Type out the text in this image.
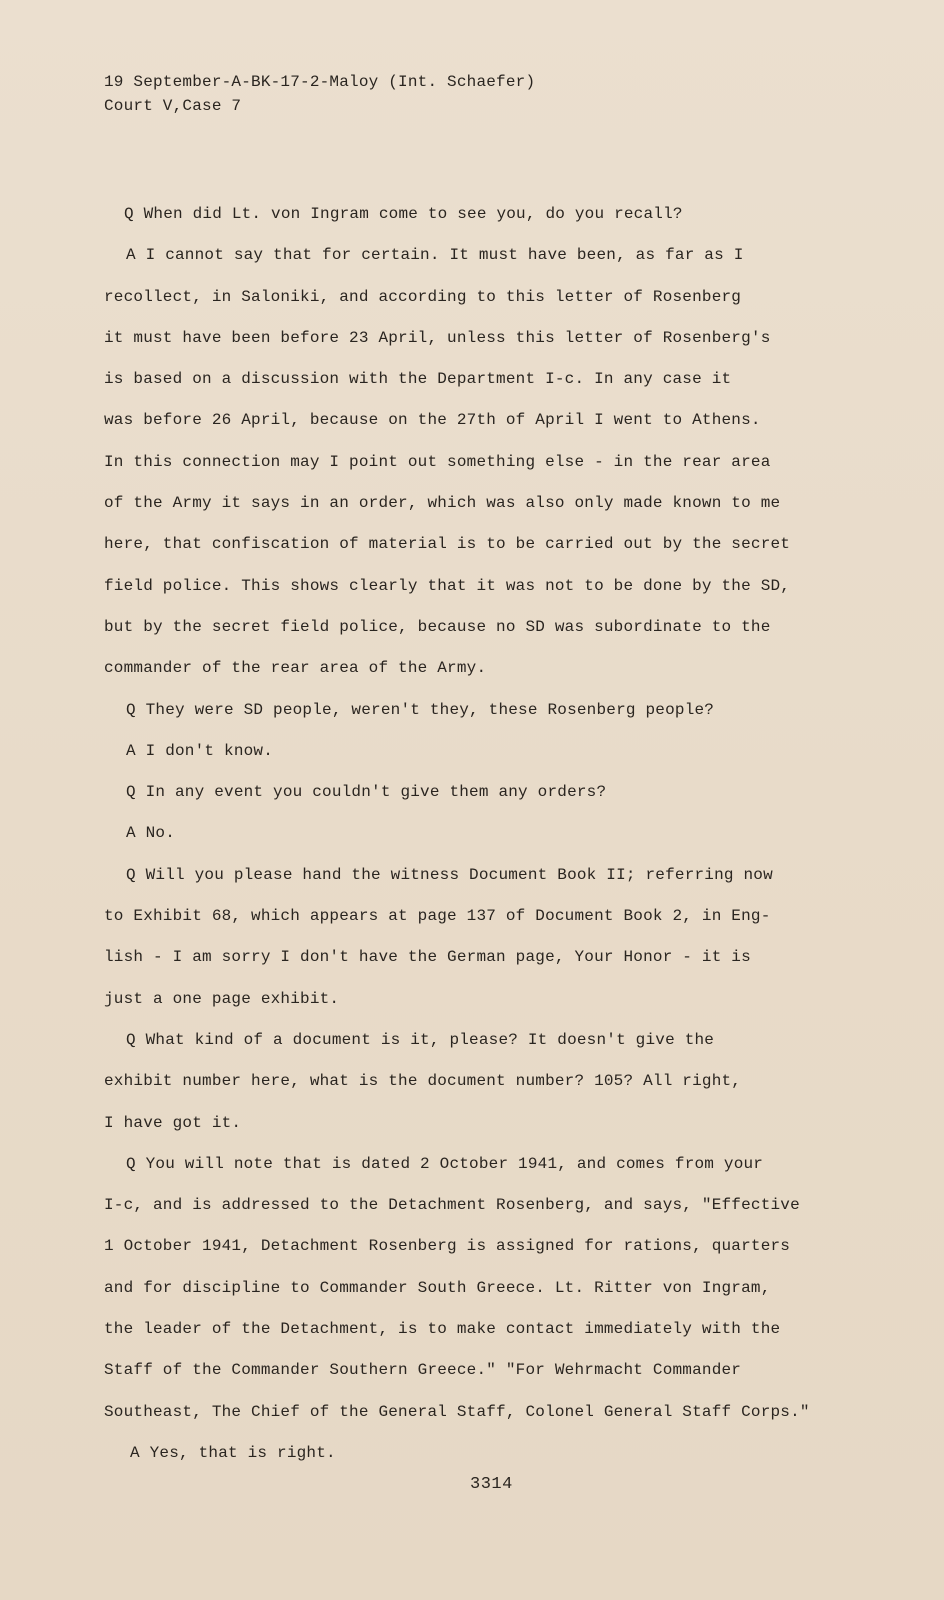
19 September-A-BK-17-2-Maloy (Int. Schaefer)
Court V,Case 7
Q When did Lt. von Ingram come to see you, do you recall?
A I cannot say that for certain. It must have been, as far as I
recollect, in Saloniki, and according to this letter of Rosenberg
it must have been before 23 April, unless this letter of Rosenberg's
is based on a discussion with the Department I-c. In any case it
was before 26 April, because on the 27th of April I went to Athens.
In this connection may I point out something else - in the rear area
of the Army it says in an order, which was also only made known to me
here, that confiscation of material is to be carried out by the secret
field police. This shows clearly that it was not to be done by the SD,
but by the secret field police, because no SD was subordinate to the
commander of the rear area of the Army.
Q They were SD people, weren't they, these Rosenberg people?
A I don't know.
Q In any event you couldn't give them any orders?
A No.
Q Will you please hand the witness Document Book II; referring now
to Exhibit 68, which appears at page 137 of Document Book 2, in Eng-
lish - I am sorry I don't have the German page, Your Honor - it is
just a one page exhibit.
Q What kind of a document is it, please? It doesn't give the
exhibit number here, what is the document number? 105? All right,
I have got it.
Q You will note that is dated 2 October 1941, and comes from your
I-c, and is addressed to the Detachment Rosenberg, and says, "Effective
1 October 1941, Detachment Rosenberg is assigned for rations, quarters
and for discipline to Commander South Greece. Lt. Ritter von Ingram,
the leader of the Detachment, is to make contact immediately with the
Staff of the Commander Southern Greece." "For Wehrmacht Commander
Southeast, The Chief of the General Staff, Colonel General Staff Corps."
A Yes, that is right.
3314
